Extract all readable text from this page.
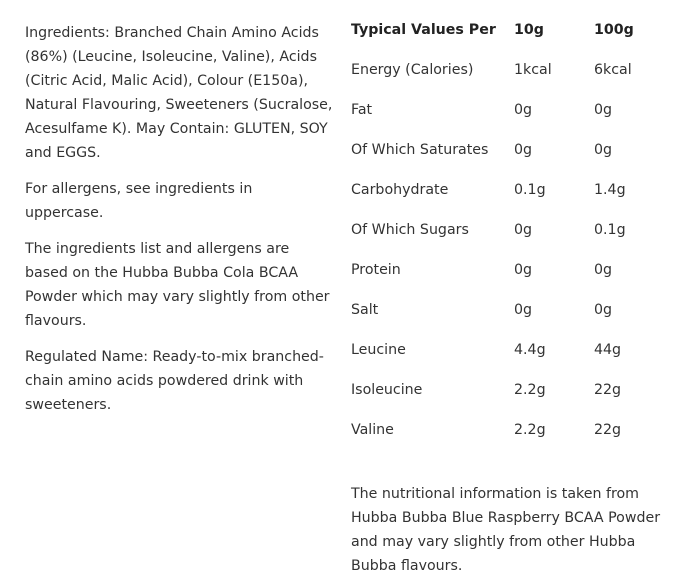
Ingredients: Branched Chain Amino Acids (86%) (Leucine, Isoleucine, Valine), Acids (Citric Acid, Malic Acid), Colour (E150a), Natural Flavouring, Sweeteners (Sucralose, Acesulfame K). May Contain: GLUTEN, SOY and EGGS.

For allergens, see ingredients in uppercase.

The ingredients list and allergens are based on the Hubba Bubba Cola BCAA Powder which may vary slightly from other flavours.

Regulated Name: Ready-to-mix branched-chain amino acids powdered drink with sweeteners.

Typical Values Per	10g	100g
Energy (Calories)	1kcal	6kcal
Fat	0g	0g
Of Which Saturates	0g	0g
Carbohydrate	0.1g	1.4g
Of Which Sugars	0g	0.1g
Protein	0g	0g
Salt	0g	0g
Leucine	4.4g	44g
Isoleucine	2.2g	22g
Valine	2.2g	22g

The nutritional information is taken from Hubba Bubba Blue Raspberry BCAA Powder and may vary slightly from other Hubba Bubba flavours.
